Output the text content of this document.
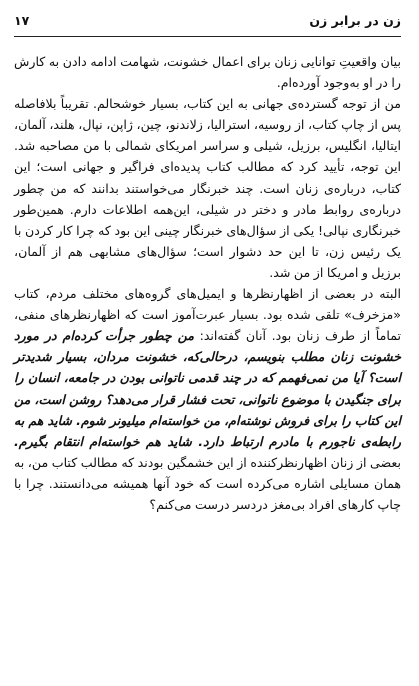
زن در برابر زن
۱۷

بیان واقعیتِ توانایی زنان برای اعمال خشونت، شهامت ادامه دادن به کارش را در او به‌وجود آورده‌ام.

من از توجه گسترده‌ی جهانی به این کتاب، بسیار خوشحالم. تقریباً بلافاصله پس از چاپ کتاب، از روسیه، استرالیا، زلاندنو، چین، ژاپن، نپال، هلند، آلمان، ایتالیا، انگلیس، برزیل، شیلی و سراسر امریکای شمالی با من مصاحبه شد. این توجه، تأیید کرد که مطالب کتاب پدیده‌ای فراگیر و جهانی است؛ این کتاب، درباره‌ی زنان است. چند خبرنگار می‌خواستند بدانند که من چطور درباره‌ی روابط مادر و دختر در شیلی، این‌همه اطلاعات دارم. همین‌طور خبرنگاری نپالی! یکی از سؤال‌های خبرنگار چینی این بود که چرا کار کردن با یک رئیس زن، تا این حد دشوار است؛ سؤال‌های مشابهی هم از آلمان، برزیل و امریکا از من شد.

البته در بعضی از اظهارنظرها و ایمیل‌های گروه‌های مختلف مردم، کتاب «مزخرف» تلقی شده بود. بسیار عبرت‌آموز است که اظهارنظرهای منفی، تماماً از طرف زنان بود. آنان گفته‌اند: من چطور جرأت کرده‌ام در مورد خشونت زنان مطلب بنویسم، درحالی‌که، خشونت مردان، بسیار شدیدتر است؟ آیا من نمی‌فهمم که در چند قدمی ناتوانی بودن در جامعه، انسان را برای جنگیدن با موضوع ناتوانی، تحت فشار قرار می‌دهد؟ روشن است، من این کتاب را برای فروش نوشته‌ام، من خواسته‌ام میلیونر شوم. شاید هم به رابطه‌ی ناجورم با مادرم ارتباط دارد. شاید هم خواسته‌ام انتقام بگیرم. بعضی از زنان اظهارنظرکننده از این خشمگین بودند که مطالب کتاب من، به همان مسایلی اشاره می‌کرده است که خود آنها همیشه می‌دانستند. چرا با چاپ کارهای افراد بی‌مغز دردسر درست می‌کنم؟
